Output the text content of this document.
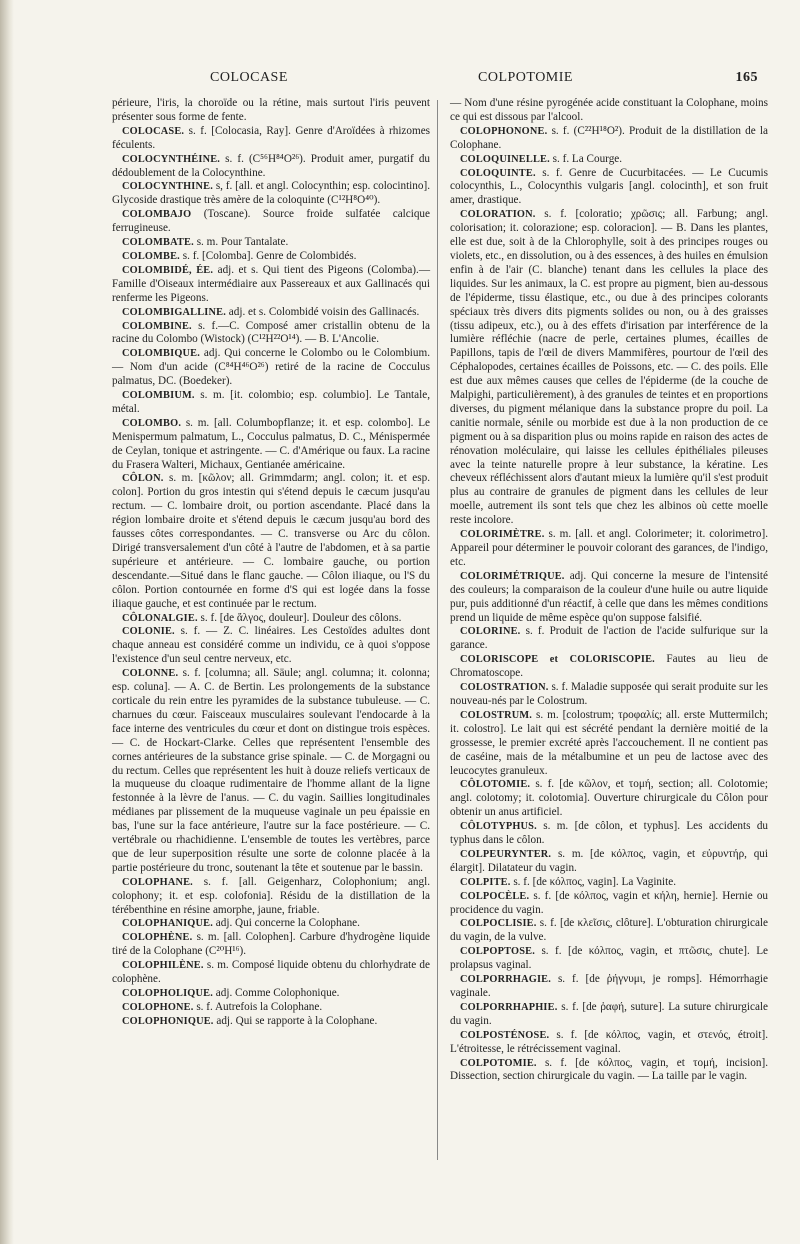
COLOCASE	COLPOTOMIE	165

périeure, l'iris, la choroïde ou la rétine, mais surtout l'iris peuvent présenter sous forme de fente.

COLOCASE. s. f. [Colocasia, Ray]. Genre d'Aroïdées à rhizomes féculents.

COLOCYNTHÉINE. s. f. (C⁵⁶H⁸⁴O²⁶). Produit amer, purgatif du dédoublement de la Colocynthine.

COLOCYNTHINE. s, f. [all. et angl. Colocynthin; esp. colocintino]. Glycoside drastique très amère de la coloquinte (C¹²H⁸O⁴⁰).

COLOMBAJO (Toscane). Source froide sulfatée calcique ferrugineuse.

COLOMBATE. s. m. Pour Tantalate.

COLOMBE. s. f. [Colomba]. Genre de Colombidés.

COLOMBIDÉ, ÉE. adj. et s. Qui tient des Pigeons (Colomba).— Famille d'Oiseaux intermédiaire aux Passereaux et aux Gallinacés qui renferme les Pigeons.

COLOMBIGALLINE. adj. et s. Colombidé voisin des Gallinacés.

COLOMBINE. s. f.—C. Composé amer cristallin obtenu de la racine du Colombo (Wistock) (C¹²H²²O¹⁴). — B. L'Ancolie.

COLOMBIQUE. adj. Qui concerne le Colombo ou le Colombium.— Nom d'un acide (C⁸⁴H⁴⁶O²⁶) retiré de la racine de Cocculus palmatus, DC. (Boedeker).

COLOMBIUM. s. m. [it. colombio; esp. columbio]. Le Tantale, métal.

COLOMBO. s. m. [all. Columbopflanze; it. et esp. colombo]. Le Menispermum palmatum, L., Cocculus palmatus, D. C., Ménispermée de Ceylan, tonique et astringente. — C. d'Amérique ou faux. La racine du Frasera Walteri, Michaux, Gentianée américaine.

CÔLON. s. m. [κῶλον; all. Grimmdarm; angl. colon; it. et esp. colon]. Portion du gros intestin qui s'étend depuis le cæcum jusqu'au rectum. — C. lombaire droit, ou portion ascendante. Placé dans la région lombaire droite et s'étend depuis le cæcum jusqu'au bord des fausses côtes correspondantes. — C. transverse ou Arc du côlon. Dirigé transversalement d'un côté à l'autre de l'abdomen, et à sa partie supérieure et antérieure. — C. lombaire gauche, ou portion descendante.—Situé dans le flanc gauche. — Côlon iliaque, ou l'S du côlon. Portion contournée en forme d'S qui est logée dans la fosse iliaque gauche, et est continuée par le rectum.

CÔLONALGIE. s. f. [de ἄλγος, douleur]. Douleur des côlons.

COLONIE. s. f. — Z. C. linéaires. Les Cestoïdes adultes dont chaque anneau est considéré comme un individu, ce à quoi s'oppose l'existence d'un seul centre nerveux, etc.

COLONNE. s. f. [columna; all. Säule; angl. columna; it. colonna; esp. coluna]. — A. C. de Bertin. Les prolongements de la substance corticale du rein entre les pyramides de la substance tubuleuse. — C. charnues du cœur. Faisceaux musculaires soulevant l'endocarde à la face interne des ventricules du cœur et dont on distingue trois espèces. — C. de Hockart-Clarke. Celles que représentent l'ensemble des cornes antérieures de la substance grise spinale. — C. de Morgagni ou du rectum. Celles que représentent les huit à douze reliefs verticaux de la muqueuse du cloaque rudimentaire de l'homme allant de la ligne festonnée à la lèvre de l'anus. — C. du vagin. Saillies longitudinales médianes par plissement de la muqueuse vaginale un peu épaissie en bas, l'une sur la face antérieure, l'autre sur la face postérieure. — C. vertébrale ou rhachidienne. L'ensemble de toutes les vertèbres, parce que de leur superposition résulte une sorte de colonne placée à la partie postérieure du tronc, soutenant la tête et soutenue par le bassin.

COLOPHANE. s. f. [all. Geigenharz, Colophonium; angl. colophony; it. et esp. colofonia]. Résidu de la distillation de la térébenthine en résine amorphe, jaune, friable.

COLOPHANIQUE. adj. Qui concerne la Colophane.

COLOPHÈNE. s. m. [all. Colophen]. Carbure d'hydrogène liquide tiré de la Colophane (C²⁰H¹⁶).

COLOPHILÈNE. s. m. Composé liquide obtenu du chlorhydrate de colophène.

COLOPHOLIQUE. adj. Comme Colophonique.

COLOPHONE. s. f. Autrefois la Colophane.

COLOPHONIQUE. adj. Qui se rapporte à la Colophane.

— Nom d'une résine pyrogénée acide constituant la Colophane, moins ce qui est dissous par l'alcool.

COLOPHONONE. s. f. (C²²H¹⁸O²). Produit de la distillation de la Colophane.

COLOQUINELLE. s. f. La Courge.

COLOQUINTE. s. f. Genre de Cucurbitacées. — Le Cucumis colocynthis, L., Colocynthis vulgaris [angl. colocinth], et son fruit amer, drastique.

COLORATION. s. f. [coloratio; χρῶσις; all. Farbung; angl. colorisation; it. colorazione; esp. coloracion]. — B. Dans les plantes, elle est due, soit à de la Chlorophylle, soit à des principes rouges ou violets, etc., en dissolution, ou à des essences, à des huiles en émulsion enfin à de l'air (C. blanche) tenant dans les cellules la place des liquides. Sur les animaux, la C. est propre au pigment, bien au-dessous de l'épiderme, tissu élastique, etc., ou due à des principes colorants spéciaux très divers dits pigments solides ou non, ou à des graisses (tissu adipeux, etc.), ou à des effets d'irisation par interférence de la lumière réfléchie (nacre de perle, certaines plumes, écailles de Papillons, tapis de l'œil de divers Mammifères, pourtour de l'œil des Céphalopodes, certaines écailles de Poissons, etc. — C. des poils. Elle est due aux mêmes causes que celles de l'épiderme (de la couche de Malpighi, particulièrement), à des granules de teintes et en proportions diverses, du pigment mélanique dans la substance propre du poil. La canitie normale, sénile ou morbide est due à la non production de ce pigment ou à sa disparition plus ou moins rapide en raison des actes de rénovation moléculaire, qui laisse les cellules épithéliales pileuses avec la teinte naturelle propre à leur substance, la kératine. Les cheveux réfléchissent alors d'autant mieux la lumière qu'il s'est produit plus au contraire de granules de pigment dans les cellules de leur moelle, autrement ils sont tels que chez les albinos où cette moelle reste incolore.

COLORIMÈTRE. s. m. [all. et angl. Colorimeter; it. colorimetro]. Appareil pour déterminer le pouvoir colorant des garances, de l'indigo, etc.

COLORIMÉTRIQUE. adj. Qui concerne la mesure de l'intensité des couleurs; la comparaison de la couleur d'une huile ou autre liquide pur, puis additionné d'un réactif, à celle que dans les mêmes conditions prend un liquide de même espèce qu'on suppose falsifié.

COLORINE. s. f. Produit de l'action de l'acide sulfurique sur la garance.

COLORISCOPE et COLORISCOPIE. Fautes au lieu de Chromatoscope.

COLOSTRATION. s. f. Maladie supposée qui serait produite sur les nouveau-nés par le Colostrum.

COLOSTRUM. s. m. [colostrum; τροφαλίς; all. erste Muttermilch; it. colostro]. Le lait qui est sécrété pendant la dernière moitié de la grossesse, le premier excrété après l'accouchement. Il ne contient pas de caséine, mais de la métalbumine et un peu de lactose avec des leucocytes granuleux.

CÔLOTOMIE. s. f. [de κῶλον, et τομή, section; all. Colotomie; angl. colotomy; it. colotomia]. Ouverture chirurgicale du Côlon pour obtenir un anus artificiel.

CÔLOTYPHUS. s. m. [de côlon, et typhus]. Les accidents du typhus dans le côlon.

COLPEURYNTER. s. m. [de κόλπος, vagin, et εὐρυντήρ, qui élargit]. Dilatateur du vagin.

COLPITE. s. f. [de κόλπος, vagin]. La Vaginite.

COLPOCÈLE. s. f. [de κόλπος, vagin et κήλη, hernie]. Hernie ou procidence du vagin.

COLPOCLISIE. s. f. [de κλεῖσις, clôture]. L'obturation chirurgicale du vagin, de la vulve.

COLPOPTOSE. s. f. [de κόλπος, vagin, et πτῶσις, chute]. Le prolapsus vaginal.

COLPORRHAGIE. s. f. [de ῥήγνυμι, je romps]. Hémorrhagie vaginale.

COLPORRHAPHIE. s. f. [de ῥαφή, suture]. La suture chirurgicale du vagin.

COLPOSTÉNOSE. s. f. [de κόλπος, vagin, et στενός, étroit]. L'étroitesse, le rétrécissement vaginal.

COLPOTOMIE. s. f. [de κόλπος, vagin, et τομή, incision]. Dissection, section chirurgicale du vagin. — La taille par le vagin.
